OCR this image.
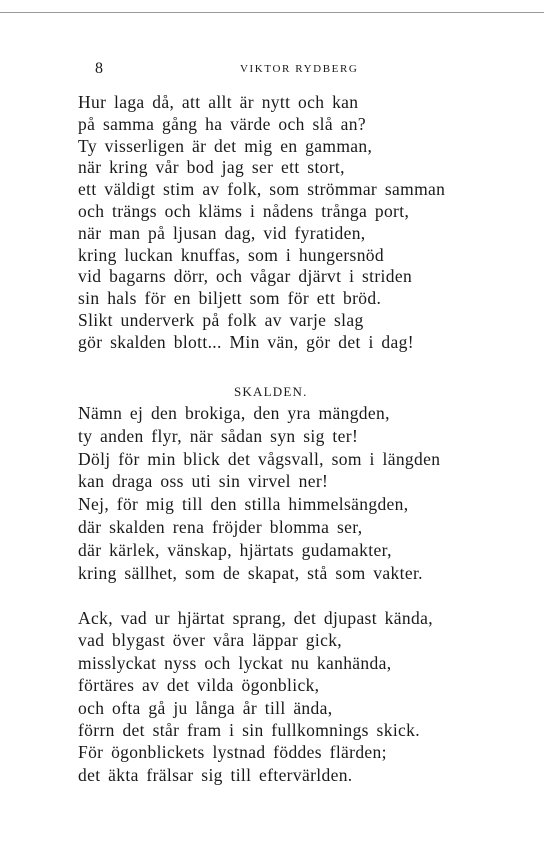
8	VIKTOR RYDBERG
Hur laga då, att allt är nytt och kan
på samma gång ha värde och slå an?
Ty visserligen är det mig en gamman,
när kring vår bod jag ser ett stort,
ett väldigt stim av folk, som strömmar samman
och trängs och kläms i nådens trånga port,
när man på ljusan dag, vid fyratiden,
kring luckan knuffas, som i hungersnöd
vid bagarns dörr, och vågar djärvt i striden
sin hals för en biljett som för ett bröd.
Slikt underverk på folk av varje slag
gör skalden blott... Min vän, gör det i dag!
SKALDEN.
Nämn ej den brokiga, den yra mängden,
ty anden flyr, när sådan syn sig ter!
Dölj för min blick det vågsvall, som i längden
kan draga oss uti sin virvel ner!
Nej, för mig till den stilla himmelsängden,
där skalden rena fröjder blomma ser,
där kärlek, vänskap, hjärtats gudamakter,
kring sällhet, som de skapat, stå som vakter.
Ack, vad ur hjärtat sprang, det djupast kända,
vad blygast över våra läppar gick,
misslyckat nyss och lyckat nu kanhända,
förtäres av det vilda ögonblick,
och ofta gå ju långa år till ända,
förrn det står fram i sin fullkomnings skick.
För ögonblickets lystnad föddes flärden;
det äkta frälsar sig till eftervärlden.
